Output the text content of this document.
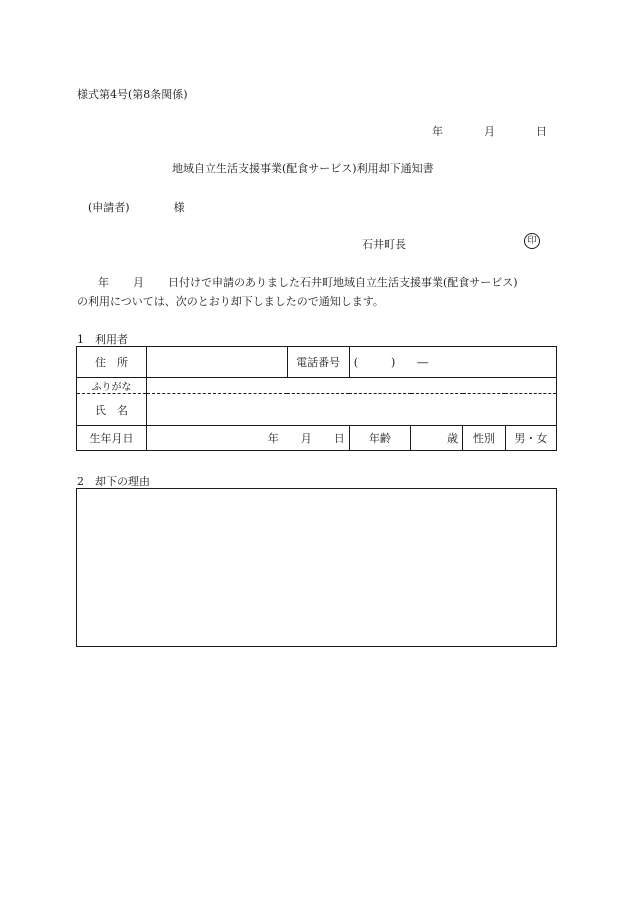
様式第4号(第8条関係)
年	月	日
地域自立生活支援事業(配食サービス)利用却下通知書
(申請者)	様
石井町長	印
年 月 日付けで申請のありました石井町地域自立生活支援事業(配食サービス)
の利用については、次のとおり却下しましたので通知します。
1　利用者
住　所		電話番号	(　　　)　　―			
ふりがな						
氏　名						
生年月日	年　　月　　日		年齢	歳	性別	男・女
2　却下の理由
